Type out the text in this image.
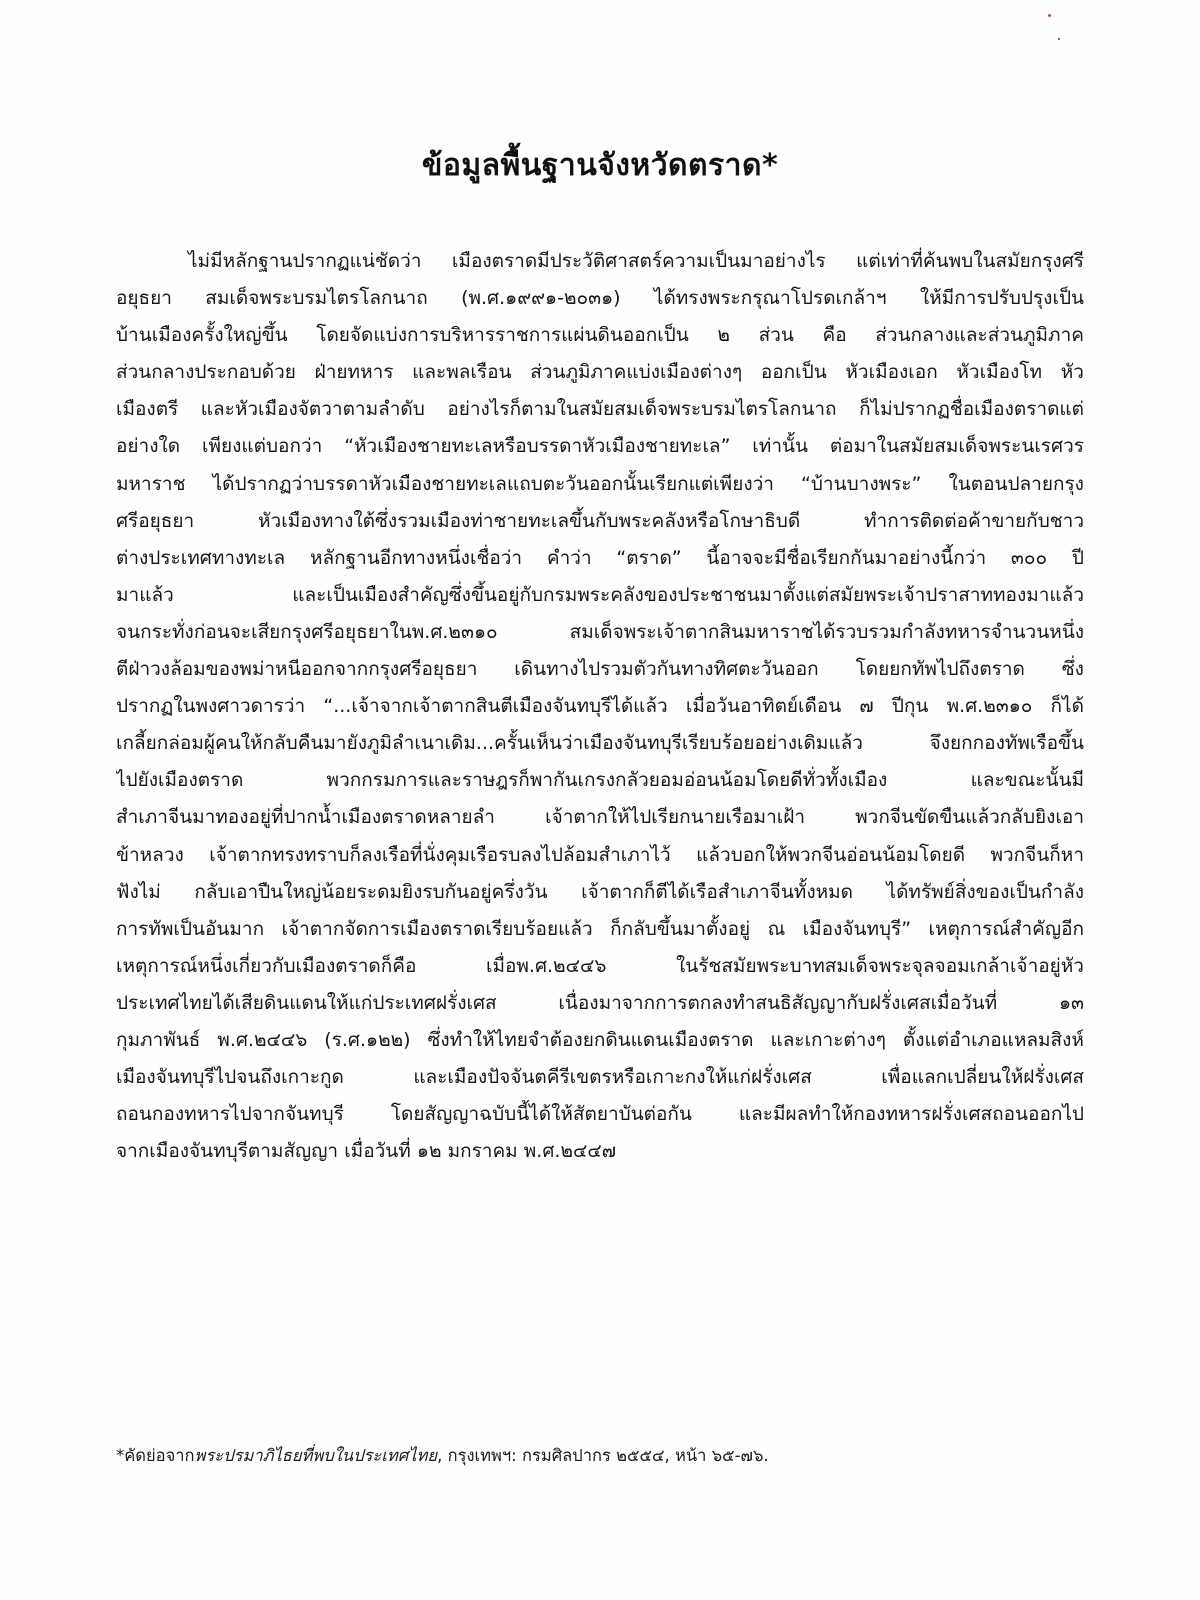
ข้อมูลพื้นฐานจังหวัดตราด*
ไม่มีหลักฐานปรากฏแน่ชัดว่า เมืองตราดมีประวัติศาสตร์ความเป็นมาอย่างไร แต่เท่าที่ค้นพบในสมัยกรุงศรี
อยุธยา สมเด็จพระบรมไตรโลกนาถ (พ.ศ.๑๙๙๑-๒๐๓๑) ได้ทรงพระกรุณาโปรดเกล้าฯ ให้มีการปรับปรุงเป็น
บ้านเมืองครั้งใหญ่ขึ้น โดยจัดแบ่งการบริหารราชการแผ่นดินออกเป็น ๒ ส่วน คือ ส่วนกลางและส่วนภูมิภาค
ส่วนกลางประกอบด้วย ฝ่ายทหาร และพลเรือน ส่วนภูมิภาคแบ่งเมืองต่างๆ ออกเป็น หัวเมืองเอก หัวเมืองโท หัว
เมืองตรี และหัวเมืองจัตวาตามลำดับ อย่างไรก็ตามในสมัยสมเด็จพระบรมไตรโลกนาถ ก็ไม่ปรากฏชื่อเมืองตราดแต่
อย่างใด เพียงแต่บอกว่า “หัวเมืองชายทะเลหรือบรรดาหัวเมืองชายทะเล” เท่านั้น ต่อมาในสมัยสมเด็จพระนเรศวร
มหาราช ได้ปรากฏว่าบรรดาหัวเมืองชายทะเลแถบตะวันออกนั้นเรียกแต่เพียงว่า “บ้านบางพระ” ในตอนปลายกรุง
ศรีอยุธยา	หัวเมืองทางใต้ซึ่งรวมเมืองท่าชายทะเลขึ้นกับพระคลังหรือโกษาธิบดี	ทำการติดต่อค้าขายกับชาว
ต่างประเทศทางทะเล หลักฐานอีกทางหนึ่งเชื่อว่า คำว่า “ตราด” นี้อาจจะมีชื่อเรียกกันมาอย่างนี้กว่า ๓๐๐ ปี
มาแล้ว	และเป็นเมืองสำคัญซึ่งขึ้นอยู่กับกรมพระคลังของประชาชนมาตั้งแต่สมัยพระเจ้าปราสาททองมาแล้ว
จนกระทั่งก่อนจะเสียกรุงศรีอยุธยาในพ.ศ.๒๓๑๐	สมเด็จพระเจ้าตากสินมหาราชได้รวบรวมกำลังทหารจำนวนหนึ่ง
ตีฝ่าวงล้อมของพม่าหนีออกจากกรุงศรีอยุธยา เดินทางไปรวมตัวกันทางทิศตะวันออก โดยยกทัพไปถึงตราด ซึ่ง
ปรากฏในพงศาวดารว่า “...เจ้าจากเจ้าตากสินตีเมืองจันทบุรีได้แล้ว เมื่อวันอาทิตย์เดือน ๗ ปีกุน พ.ศ.๒๓๑๐ ก็ได้
เกลี้ยกล่อมผู้คนให้กลับคืนมายังภูมิลำเนาเดิม...ครั้นเห็นว่าเมืองจันทบุรีเรียบร้อยอย่างเดิมแล้ว	จึงยกกองทัพเรือขึ้น
ไปยังเมืองตราด	พวกกรมการและราษฎรก็พากันเกรงกลัวยอมอ่อนน้อมโดยดีทั่วทั้งเมือง	และขณะนั้นมี
สำเภาจีนมาทองอยู่ที่ปากน้ำเมืองตราดหลายลำ	เจ้าตากให้ไปเรียกนายเรือมาเฝ้า	พวกจีนขัดขืนแล้วกลับยิงเอา
ข้าหลวง เจ้าตากทรงทราบก็ลงเรือที่นั่งคุมเรือรบลงไปล้อมสำเภาไว้ แล้วบอกให้พวกจีนอ่อนน้อมโดยดี พวกจีนก็หา
ฟังไม่ กลับเอาปืนใหญ่น้อยระดมยิงรบกันอยู่ครึ่งวัน เจ้าตากก็ตีได้เรือสำเภาจีนทั้งหมด ได้ทรัพย์สิ่งของเป็นกำลัง
การทัพเป็นอันมาก เจ้าตากจัดการเมืองตราดเรียบร้อยแล้ว ก็กลับขึ้นมาตั้งอยู่ ณ เมืองจันทบุรี” เหตุการณ์สำคัญอีก
เหตุการณ์หนึ่งเกี่ยวกับเมืองตราดก็คือ	เมื่อพ.ศ.๒๔๔๖	ในรัชสมัยพระบาทสมเด็จพระจุลจอมเกล้าเจ้าอยู่หัว
ประเทศไทยได้เสียดินแดนให้แก่ประเทศฝรั่งเศส	เนื่องมาจากการตกลงทำสนธิสัญญากับฝรั่งเศสเมื่อวันที่	๑๓
กุมภาพันธ์ พ.ศ.๒๔๔๖ (ร.ศ.๑๒๒) ซึ่งทำให้ไทยจำต้องยกดินแดนเมืองตราด และเกาะต่างๆ ตั้งแต่อำเภอแหลมสิงห์
เมืองจันทบุรีไปจนถึงเกาะกูด	และเมืองปัจจันตคีรีเขตรหรือเกาะกงให้แก่ฝรั่งเศส	เพื่อแลกเปลี่ยนให้ฝรั่งเศส
ถอนกองทหารไปจากจันทบุรี โดยสัญญาฉบับนี้ได้ให้สัตยาบันต่อกัน และมีผลทำให้กองทหารฝรั่งเศสถอนออกไป
จากเมืองจันทบุรีตามสัญญา เมื่อวันที่ ๑๒ มกราคม พ.ศ.๒๔๔๗
*คัดย่อจากพระปรมาภิไธยที่พบในประเทศไทย, กรุงเทพฯ: กรมศิลปากร ๒๕๕๔, หน้า ๖๕-๗๖.
